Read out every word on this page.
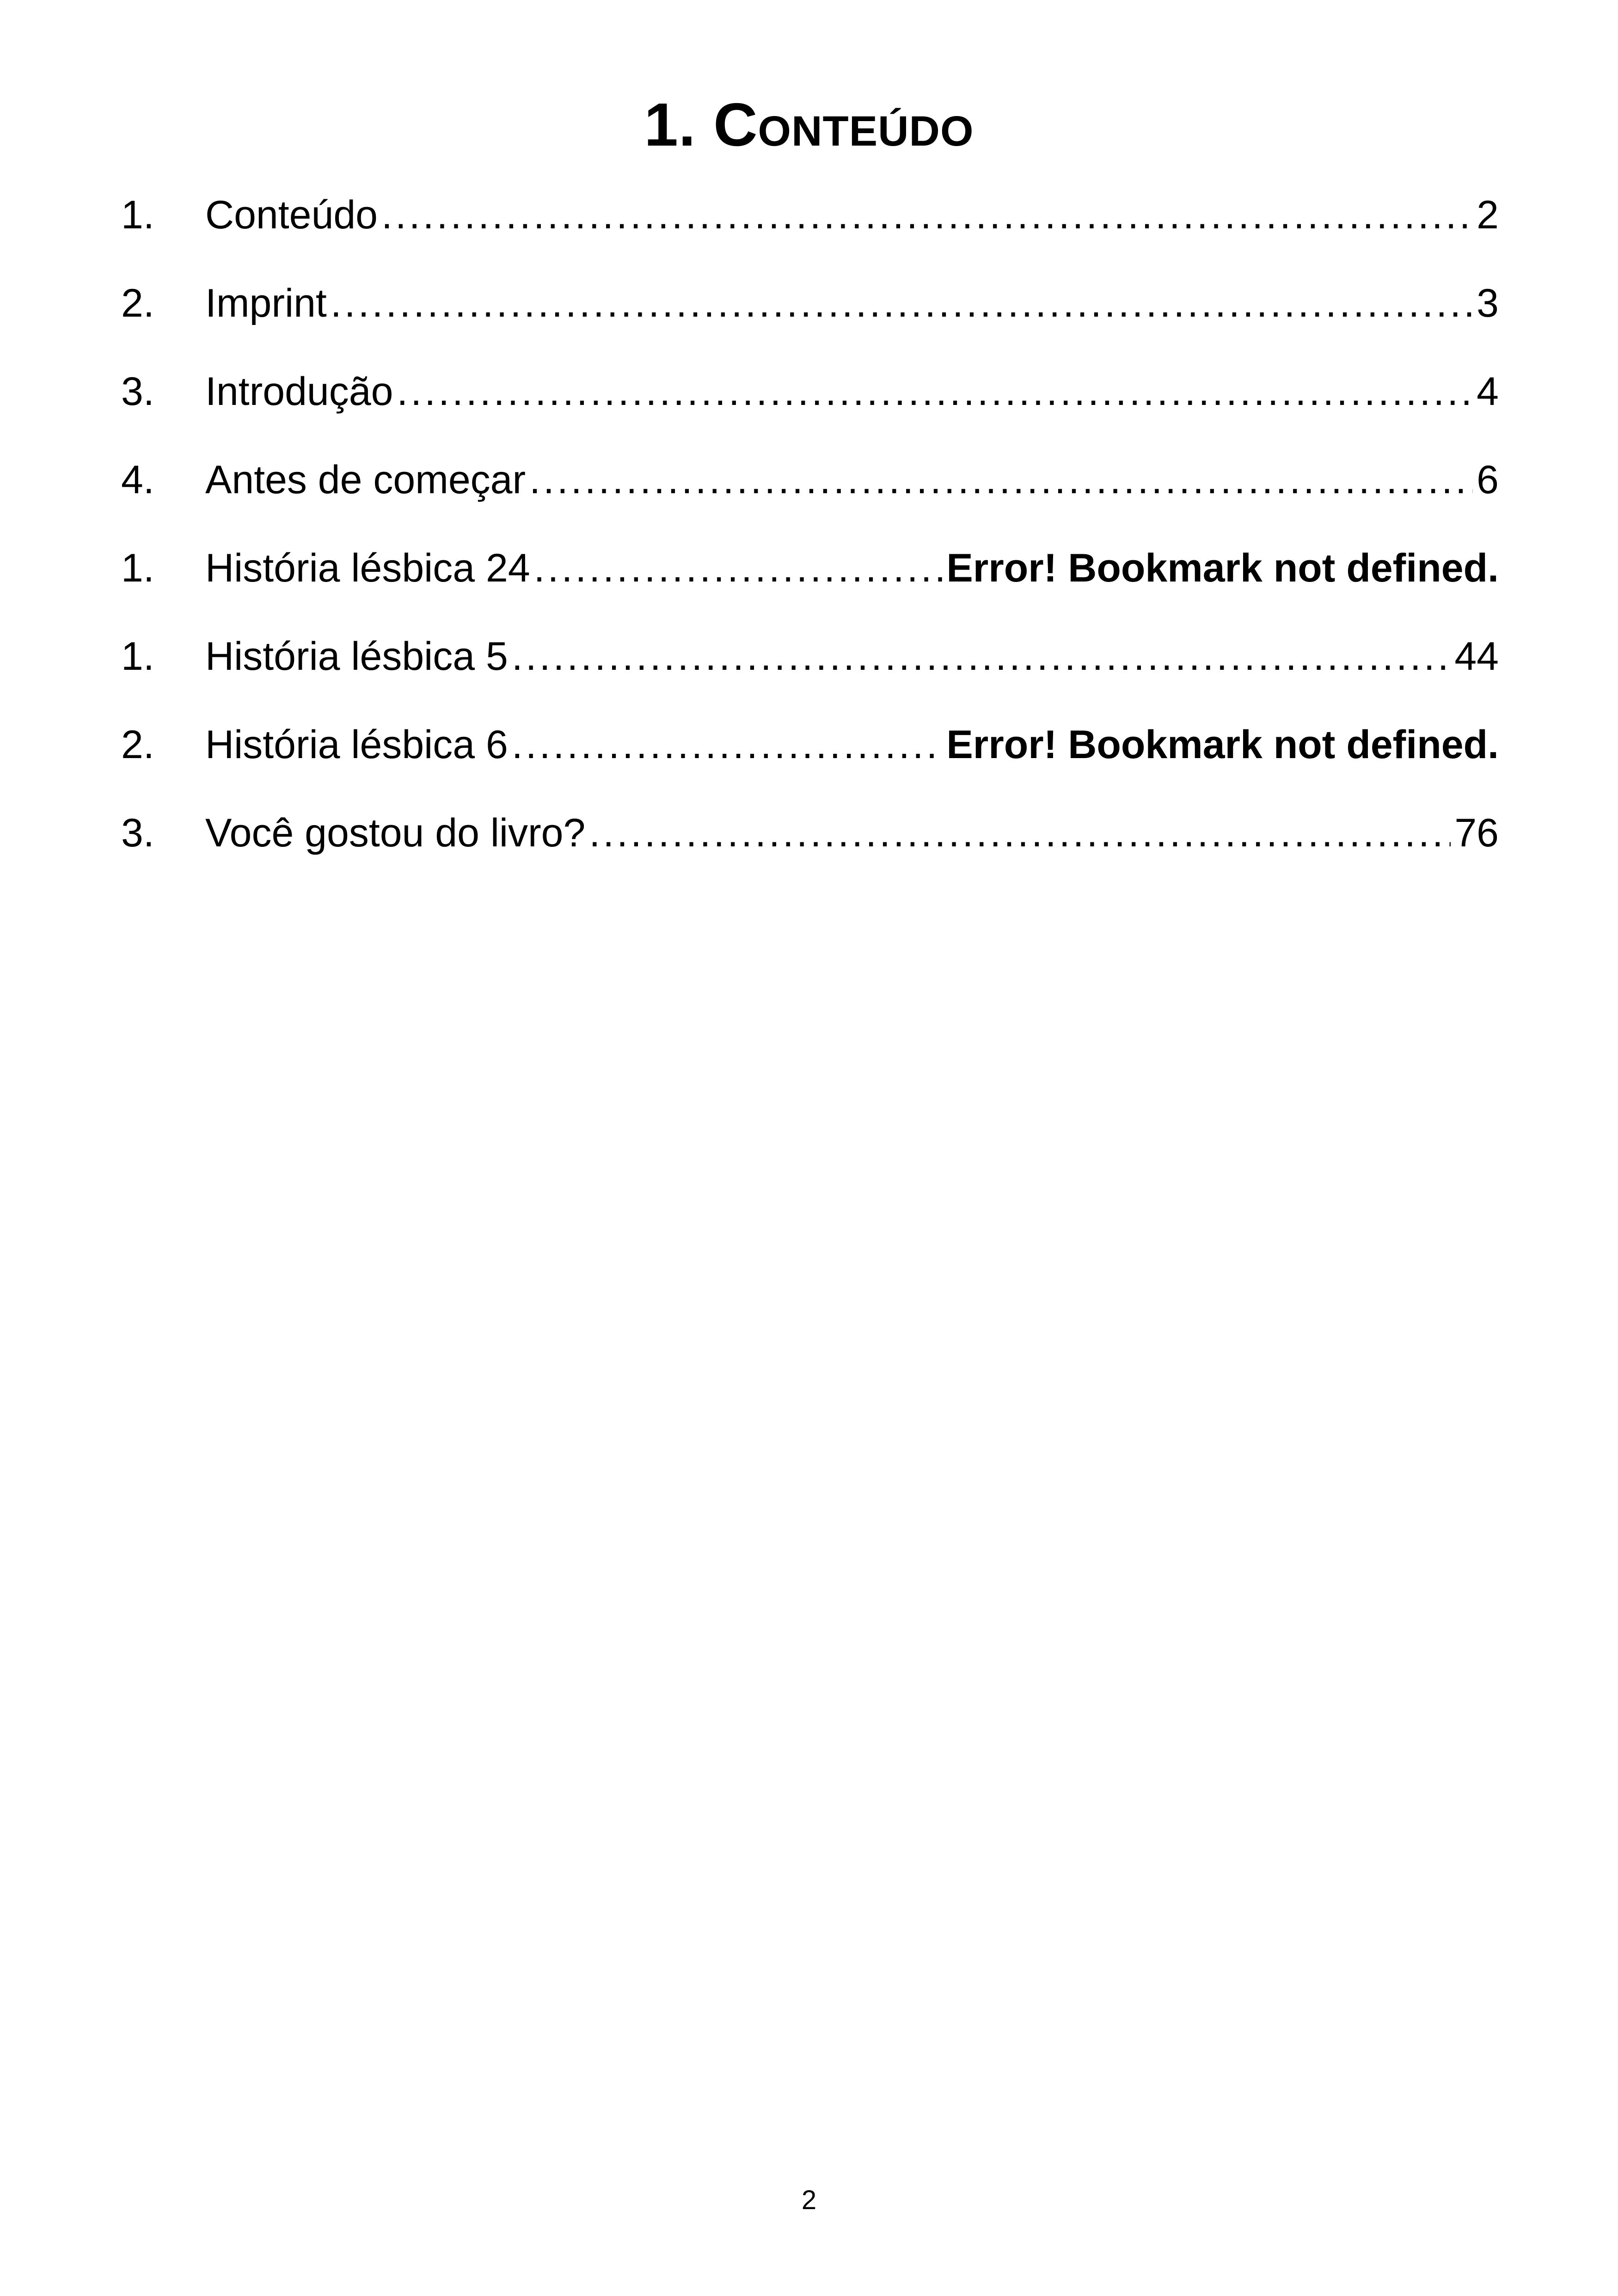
1. Conteúdo
1.	Conteúdo .....	2
2.	Imprint .....	3
3.	Introdução .....	4
4.	Antes de começar .....	6
1.	História lésbica 24 .....	Error! Bookmark not defined.
1.	História lésbica 5 .....	44
2.	História lésbica 6 .....	Error! Bookmark not defined.
3.	Você gostou do livro? .....	76
2
